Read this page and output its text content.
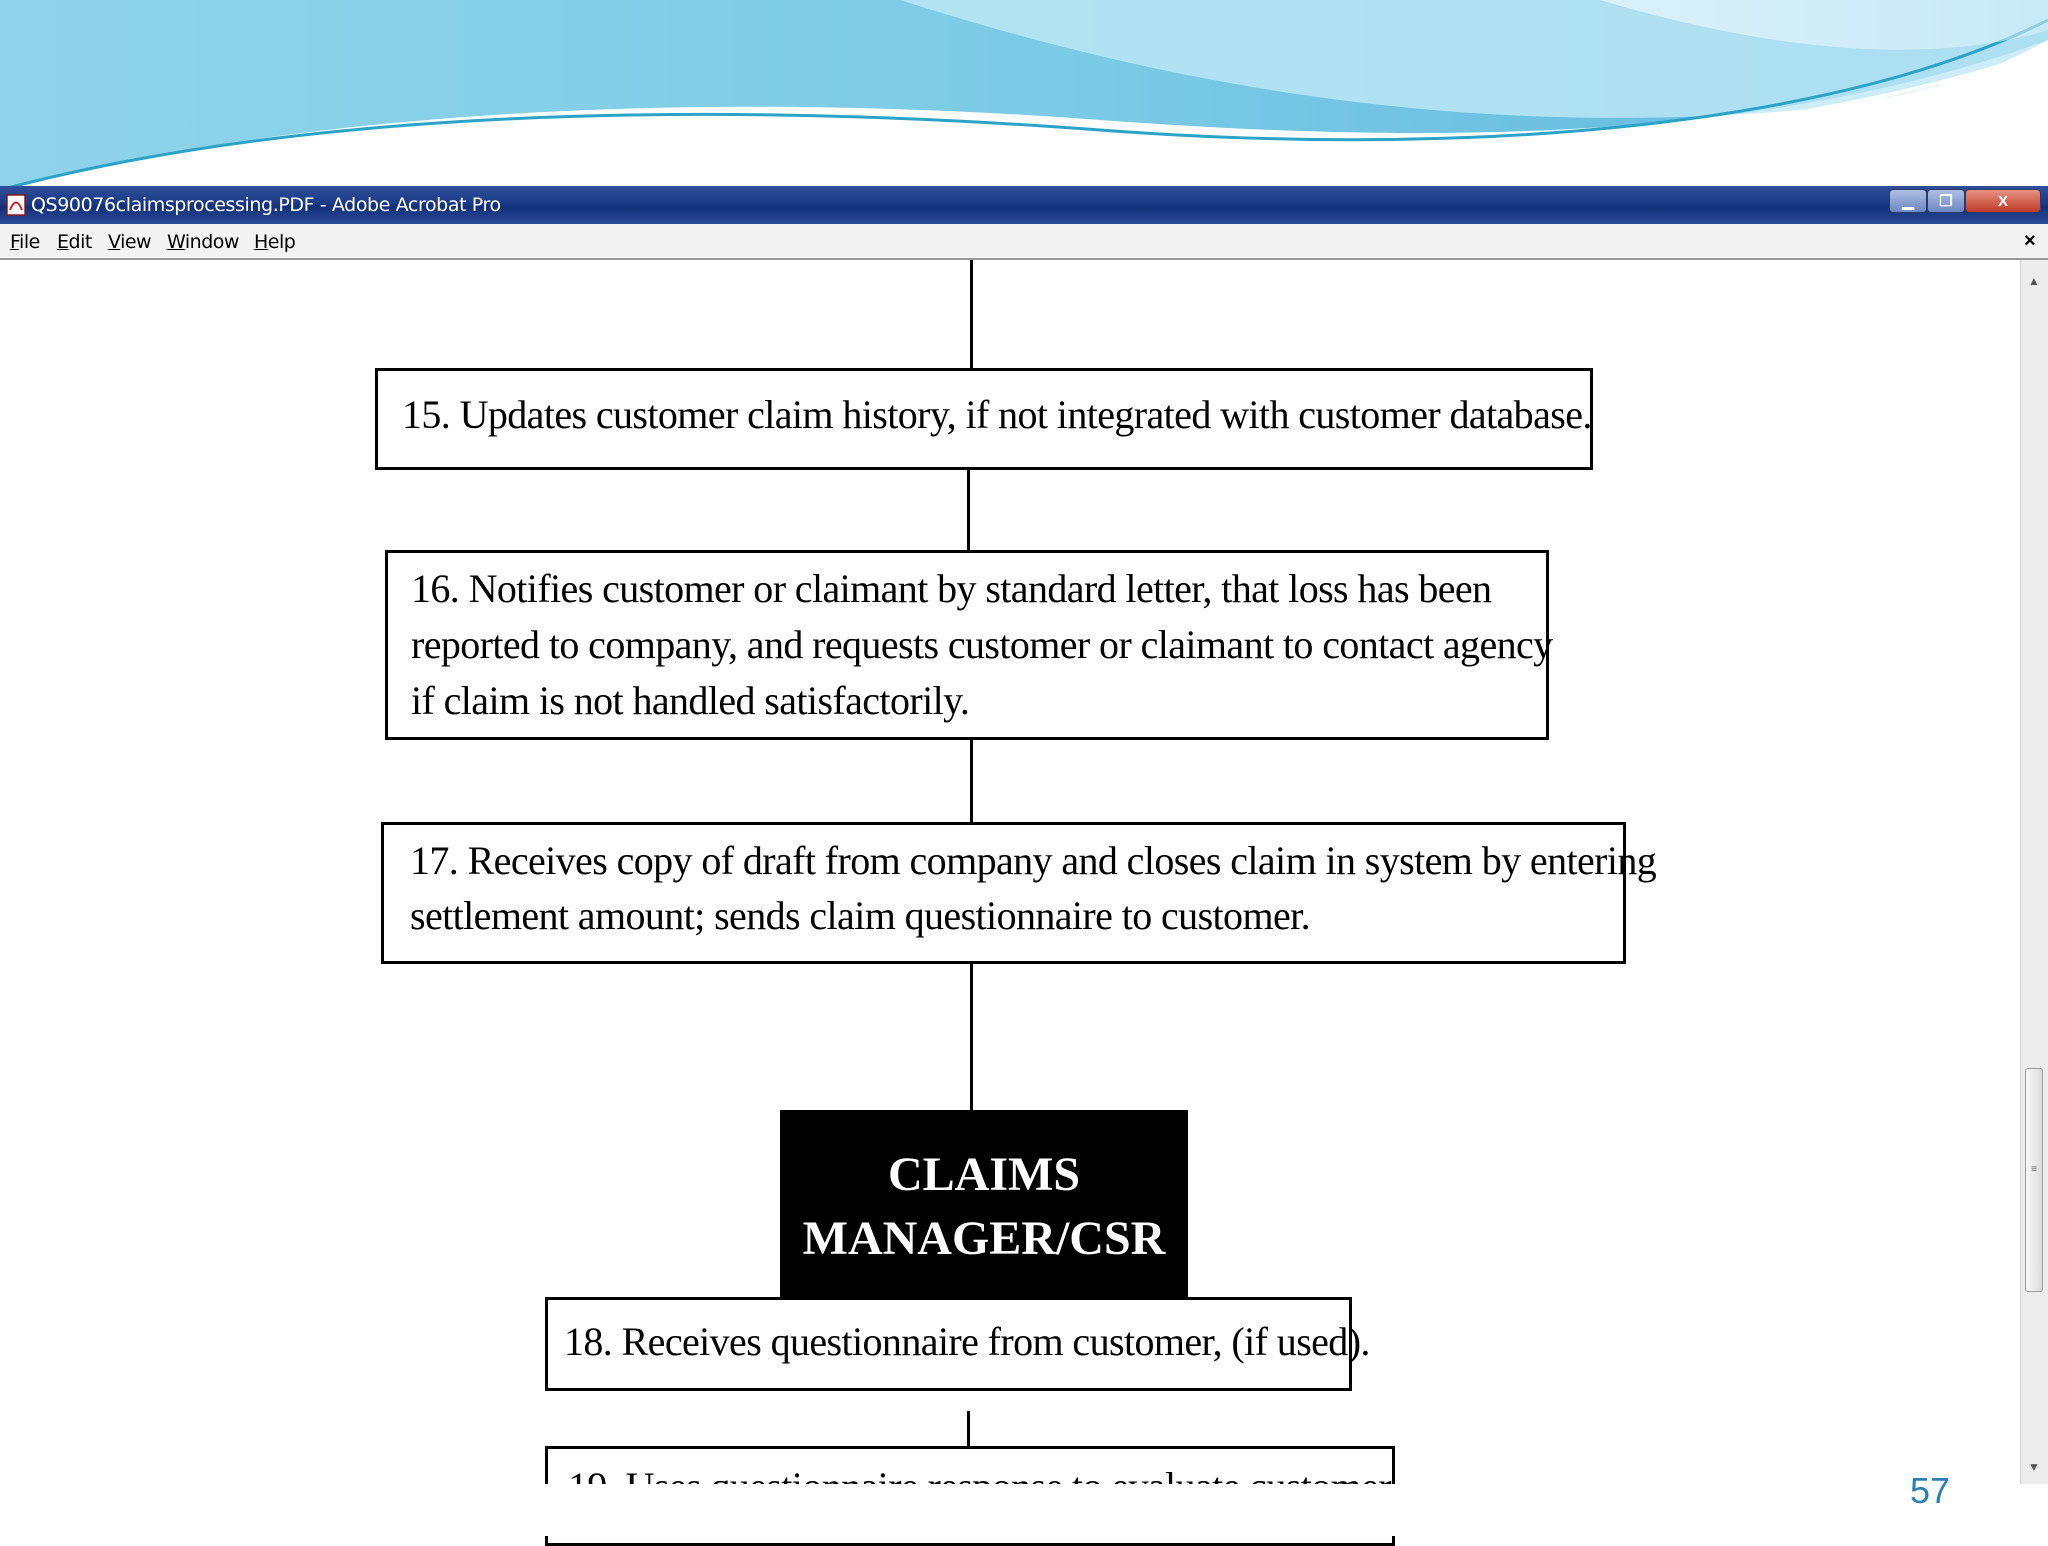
QS90076claimsprocessing.PDF - Adobe Acrobat Pro	▁	❐	X
File Edit View Window Help	×
15. Updates customer claim history, if not integrated with customer database.
16. Notifies customer or claimant by standard letter, that loss has been
reported to company, and requests customer or claimant to contact agency
if claim is not handled satisfactorily.
17. Receives copy of draft from company and closes claim in system by entering
settlement amount; sends claim questionnaire to customer.
CLAIMS
MANAGER/CSR
18. Receives questionnaire from customer, (if used).
▲
≡
▼
57
